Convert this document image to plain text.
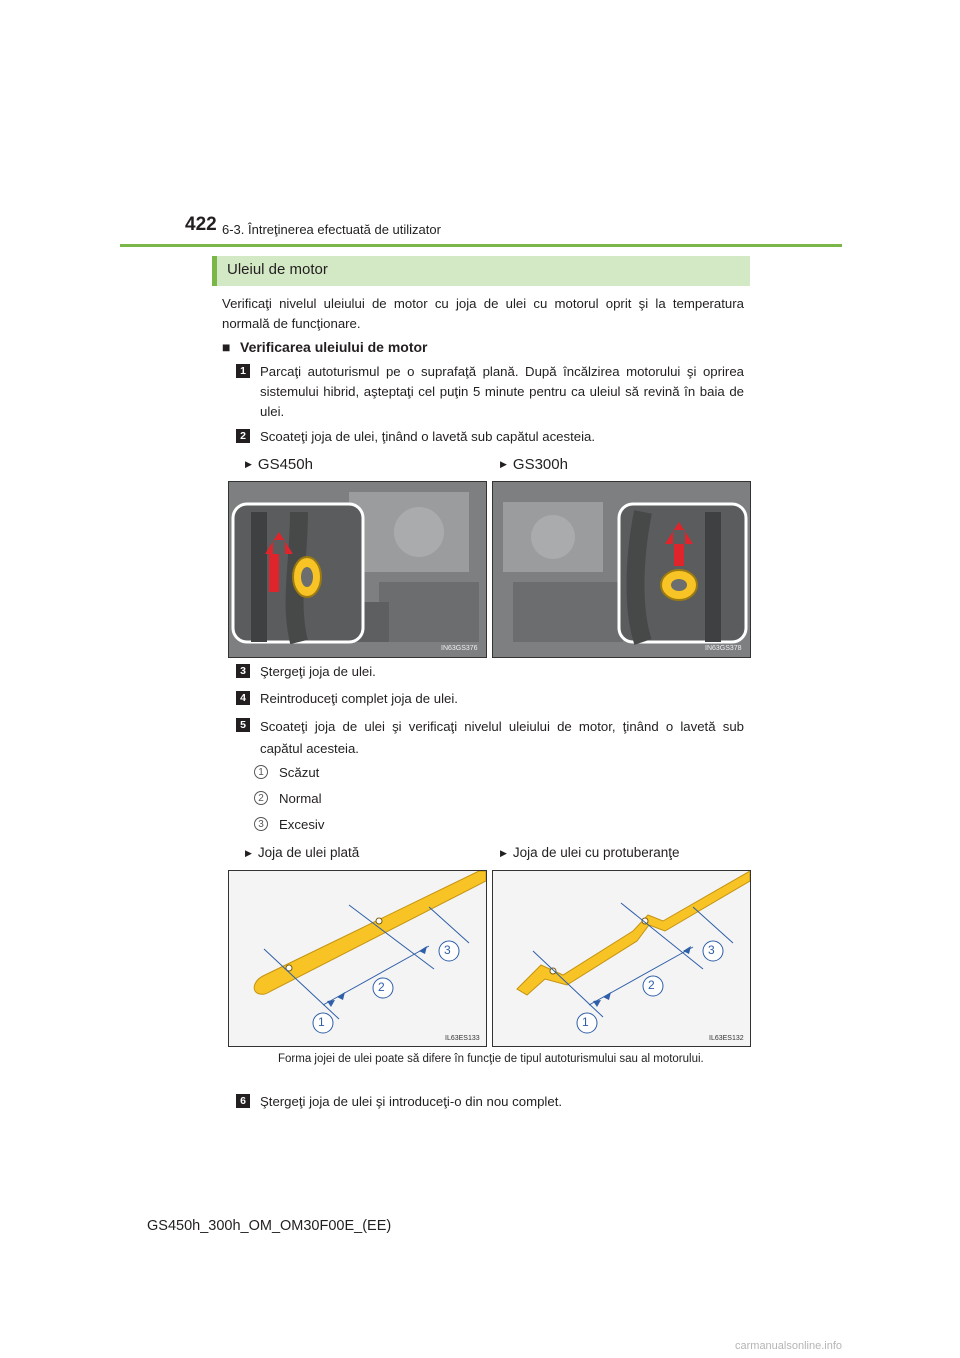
422 6-3. Întreţinerea efectuată de utilizator
Uleiul de motor
Verificaţi nivelul uleiului de motor cu joja de ulei cu motorul oprit şi la temperatura normală de funcţionare.
■ Verificarea uleiului de motor
1	Parcaţi autoturismul pe o suprafaţă plană. După încălzirea motorului şi oprirea sistemului hibrid, aşteptaţi cel puţin 5 minute pentru ca uleiul să revină în baia de ulei.
2	Scoateţi joja de ulei, ţinând o lavetă sub capătul acesteia.
▶ GS450h	▶ GS300h
IN63GS376	IN63GS378
3	Ştergeţi joja de ulei.
4	Reintroduceţi complet joja de ulei.
5	Scoateţi joja de ulei şi verificaţi nivelul uleiului de motor, ţinând o lavetă sub capătul acesteia.
1	Scăzut
2	Normal
3	Excesiv
▶ Joja de ulei plată	▶ Joja de ulei cu protuberanţe
1
2
3
IL63ES133
1
2
3
IL63ES132
Forma jojei de ulei poate să difere în funcţie de tipul autoturismului sau al motorului.
6	Ştergeţi joja de ulei şi introduceţi-o din nou complet.
GS450h_300h_OM_OM30F00E_(EE)
carmanualsonline.info
